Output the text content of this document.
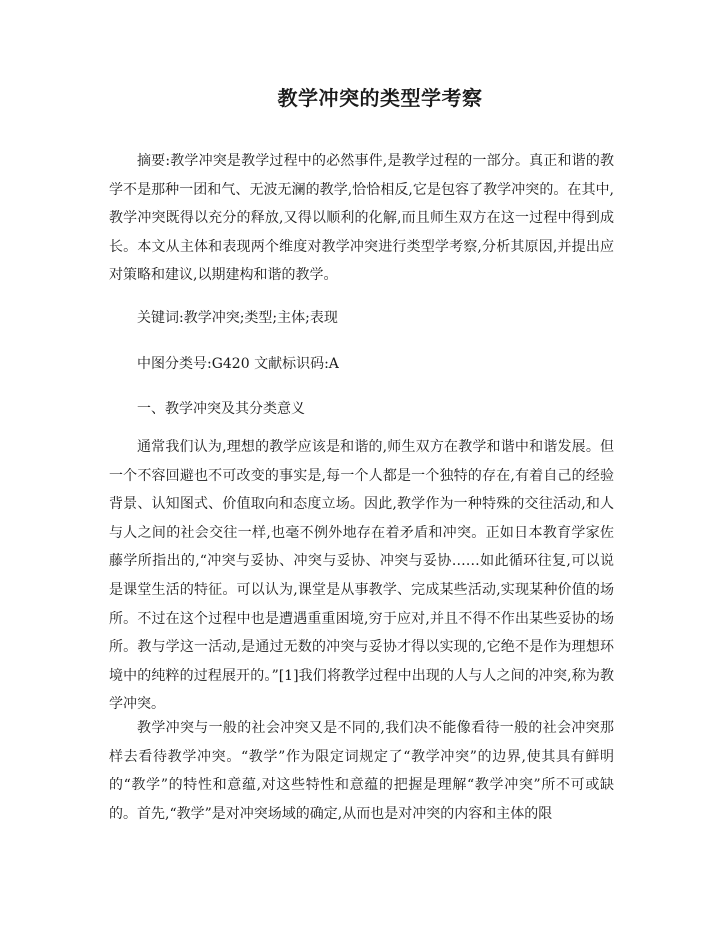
教学冲突的类型学考察

摘要:教学冲突是教学过程中的必然事件,是教学过程的一部分。真正和谐的教学不是那种一团和气、无波无澜的教学,恰恰相反,它是包容了教学冲突的。在其中,教学冲突既得以充分的释放,又得以顺利的化解,而且师生双方在这一过程中得到成长。本文从主体和表现两个维度对教学冲突进行类型学考察,分析其原因,并提出应对策略和建议,以期建构和谐的教学。

关键词:教学冲突;类型;主体;表现

中图分类号:G420 文献标识码:A

一、教学冲突及其分类意义

通常我们认为,理想的教学应该是和谐的,师生双方在教学和谐中和谐发展。但一个不容回避也不可改变的事实是,每一个人都是一个独特的存在,有着自己的经验背景、认知图式、价值取向和态度立场。因此,教学作为一种特殊的交往活动,和人与人之间的社会交往一样,也毫不例外地存在着矛盾和冲突。正如日本教育学家佐藤学所指出的,“冲突与妥协、冲突与妥协、冲突与妥协……如此循环往复,可以说是课堂生活的特征。可以认为,课堂是从事教学、完成某些活动,实现某种价值的场所。不过在这个过程中也是遭遇重重困境,穷于应对,并且不得不作出某些妥协的场所。教与学这一活动,是通过无数的冲突与妥协才得以实现的,它绝不是作为理想环境中的纯粹的过程展开的。”[1]我们将教学过程中出现的人与人之间的冲突,称为教学冲突。

教学冲突与一般的社会冲突又是不同的,我们决不能像看待一般的社会冲突那样去看待教学冲突。“教学”作为限定词规定了“教学冲突”的边界,使其具有鲜明的“教学”的特性和意蕴,对这些特性和意蕴的把握是理解“教学冲突”所不可或缺的。首先,“教学”是对冲突场域的确定,从而也是对冲突的内容和主体的限
